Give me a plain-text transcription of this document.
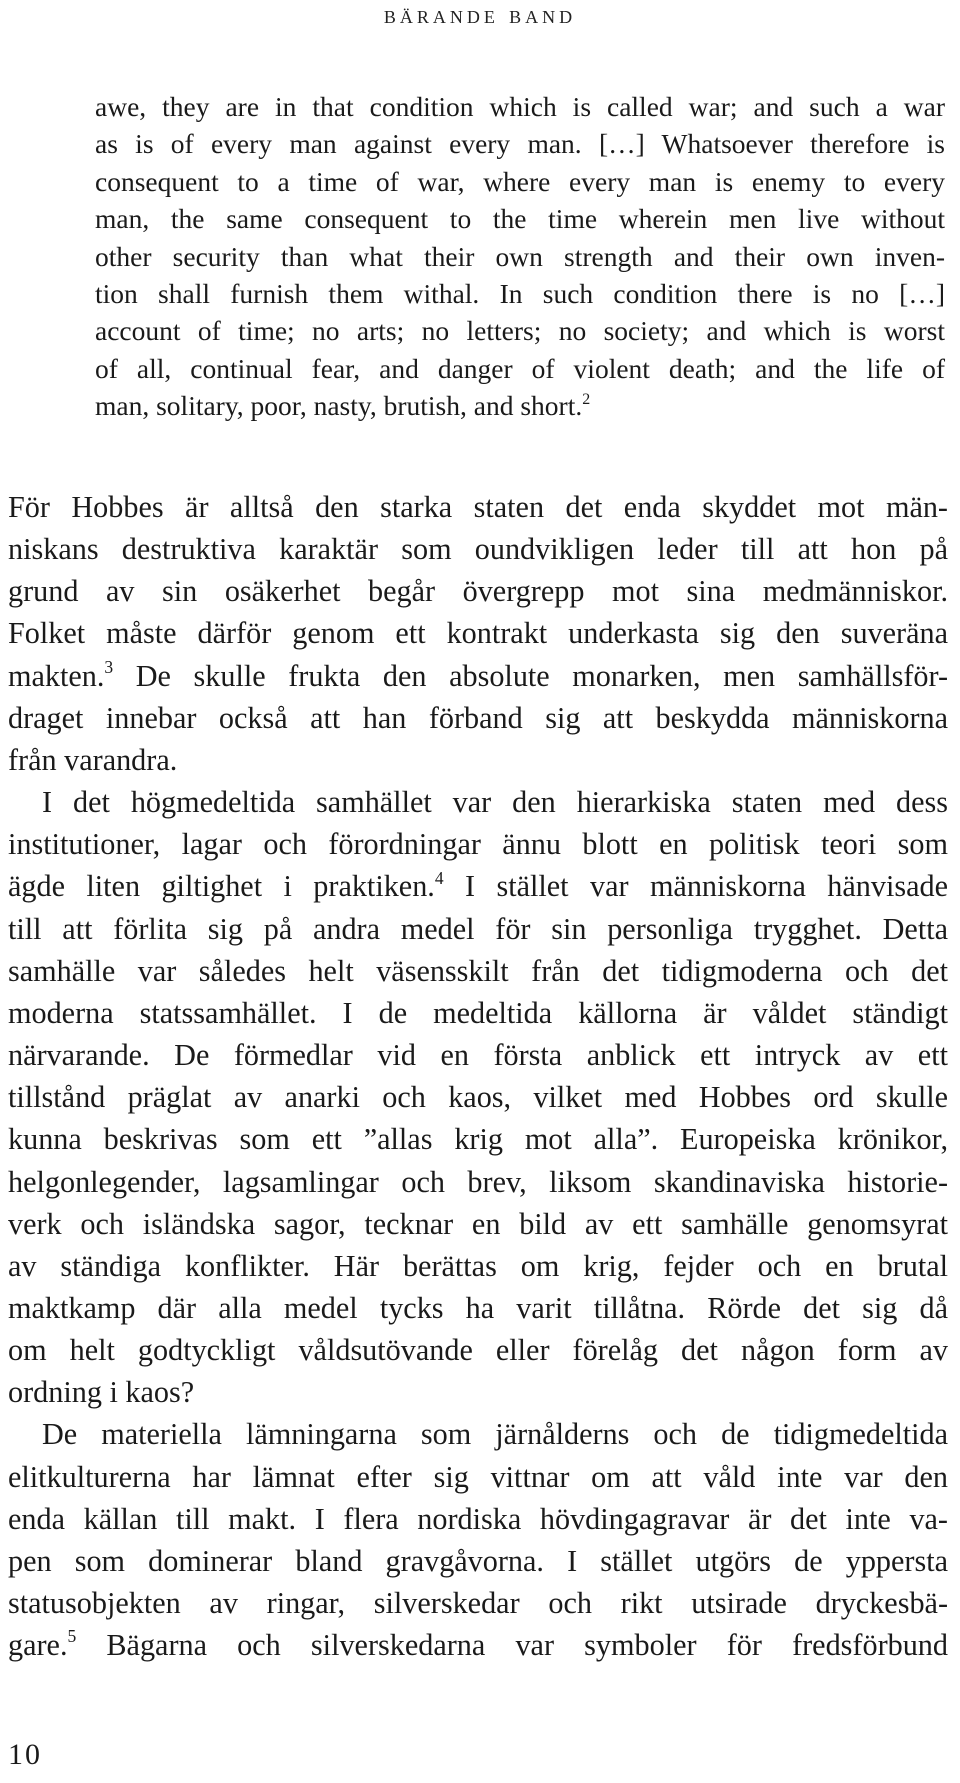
bärande band
awe, they are in that condition which is called war; and such a war
as is of every man against every man. […] Whatsoever therefore is
consequent to a time of war, where every man is enemy to every
man, the same consequent to the time wherein men live without
other security than what their own strength and their own inven-
tion shall furnish them withal. In such condition there is no […]
account of time; no arts; no letters; no society; and which is worst
of all, continual fear, and danger of violent death; and the life of
man, solitary, poor, nasty, brutish, and short.$^2$

För Hobbes är alltså den starka staten det enda skyddet mot män-
niskans destruktiva karaktär som oundvikligen leder till att hon på
grund av sin osäkerhet begår övergrepp mot sina medmänniskor.
Folket måste därför genom ett kontrakt underkasta sig den suveräna
makten.$^3$ De skulle frukta den absolute monarken, men samhällsför-
draget innebar också att han förband sig att beskydda människorna
från varandra.

I det högmedeltida samhället var den hierarkiska staten med dess
institutioner, lagar och förordningar ännu blott en politisk teori som
ägde liten giltighet i praktiken.$^4$ I stället var människorna hänvisade
till att förlita sig på andra medel för sin personliga trygghet. Detta
samhälle var således helt väsensskilt från det tidigmoderna och det
moderna statssamhället. I de medeltida källorna är våldet ständigt
närvarande. De förmedlar vid en första anblick ett intryck av ett
tillstånd präglat av anarki och kaos, vilket med Hobbes ord skulle
kunna beskrivas som ett ”allas krig mot alla”. Europeiska krönikor,
helgonlegender, lagsamlingar och brev, liksom skandinaviska historie-
verk och isländska sagor, tecknar en bild av ett samhälle genomsyrat
av ständiga konflikter. Här berättas om krig, fejder och en brutal
maktkamp där alla medel tycks ha varit tillåtna. Rörde det sig då
om helt godtyckligt våldsutövande eller förelåg det någon form av
ordning i kaos?

De materiella lämningarna som järnålderns och de tidigmedeltida
elitkulturerna har lämnat efter sig vittnar om att våld inte var den
enda källan till makt. I flera nordiska hövdingagravar är det inte va-
pen som dominerar bland gravgåvorna. I stället utgörs de yppersta
statusobjekten av ringar, silverskedar och rikt utsirade dryckesbä-
gare.$^5$ Bägarna och silverskedarna var symboler för fredsförbund

10
